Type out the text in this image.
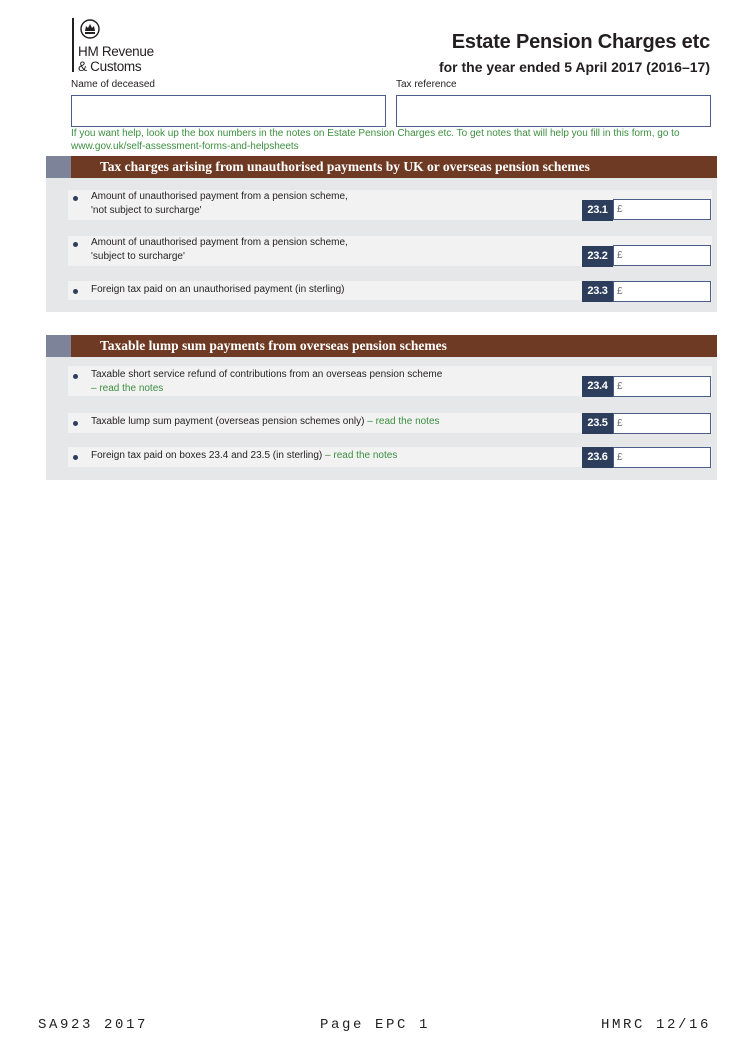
HM Revenue
& Customs
Estate Pension Charges etc
for the year ended 5 April 2017 (2016–17)
Name of deceased	Tax reference
If you want help, look up the box numbers in the notes on Estate Pension Charges etc. To get notes that will help you fill in this form, go to www.gov.uk/self-assessment-forms-and-helpsheets
Tax charges arising from unauthorised payments by UK or overseas pension schemes
Amount of unauthorised payment from a pension scheme,
'not subject to surcharge'	23.1 £
Amount of unauthorised payment from a pension scheme,
'subject to surcharge'	23.2 £
Foreign tax paid on an unauthorised payment (in sterling)	23.3 £
Taxable lump sum payments from overseas pension schemes
Taxable short service refund of contributions from an overseas pension scheme
– read the notes	23.4 £
Taxable lump sum payment (overseas pension schemes only) – read the notes	23.5 £
Foreign tax paid on boxes 23.4 and 23.5 (in sterling) – read the notes	23.6 £
SA923 2017	Page EPC 1	HMRC 12/16
